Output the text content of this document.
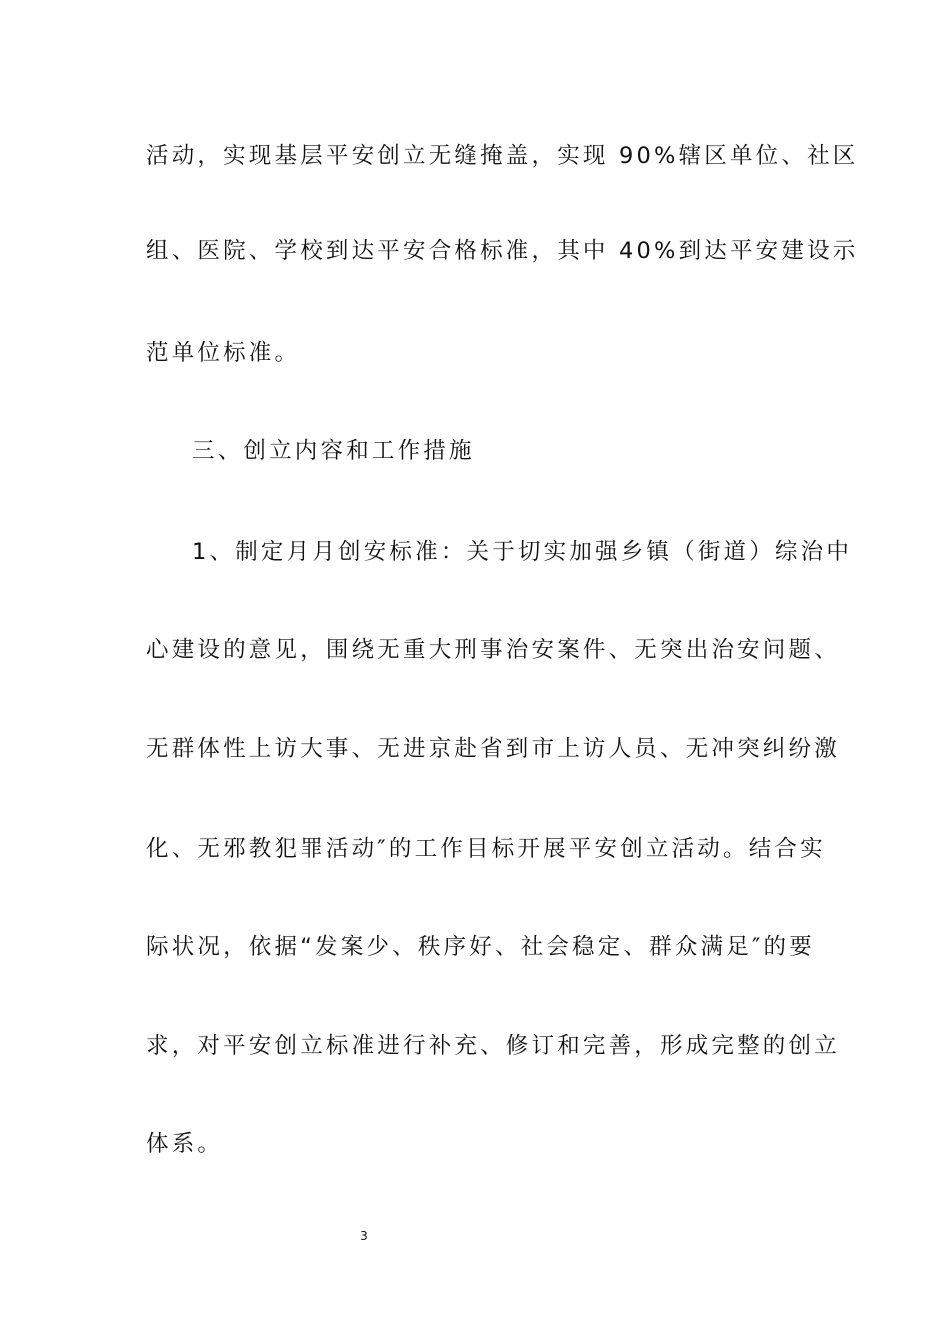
活动，实现基层平安创立无缝掩盖，实现 90%辖区单位、社区
组、医院、学校到达平安合格标准，其中 40%到达平安建设示
范单位标准。
三、创立内容和工作措施
1、制定月月创安标准：关于切实加强乡镇（街道）综治中
心建设的意见，围绕无重大刑事治安案件、无突出治安问题、
无群体性上访大事、无进京赴省到市上访人员、无冲突纠纷激
化、无邪教犯罪活动″的工作目标开展平安创立活动。结合实
际状况，依据“发案少、秩序好、社会稳定、群众满足″的要
求，对平安创立标准进行补充、修订和完善，形成完整的创立
体系。
3
